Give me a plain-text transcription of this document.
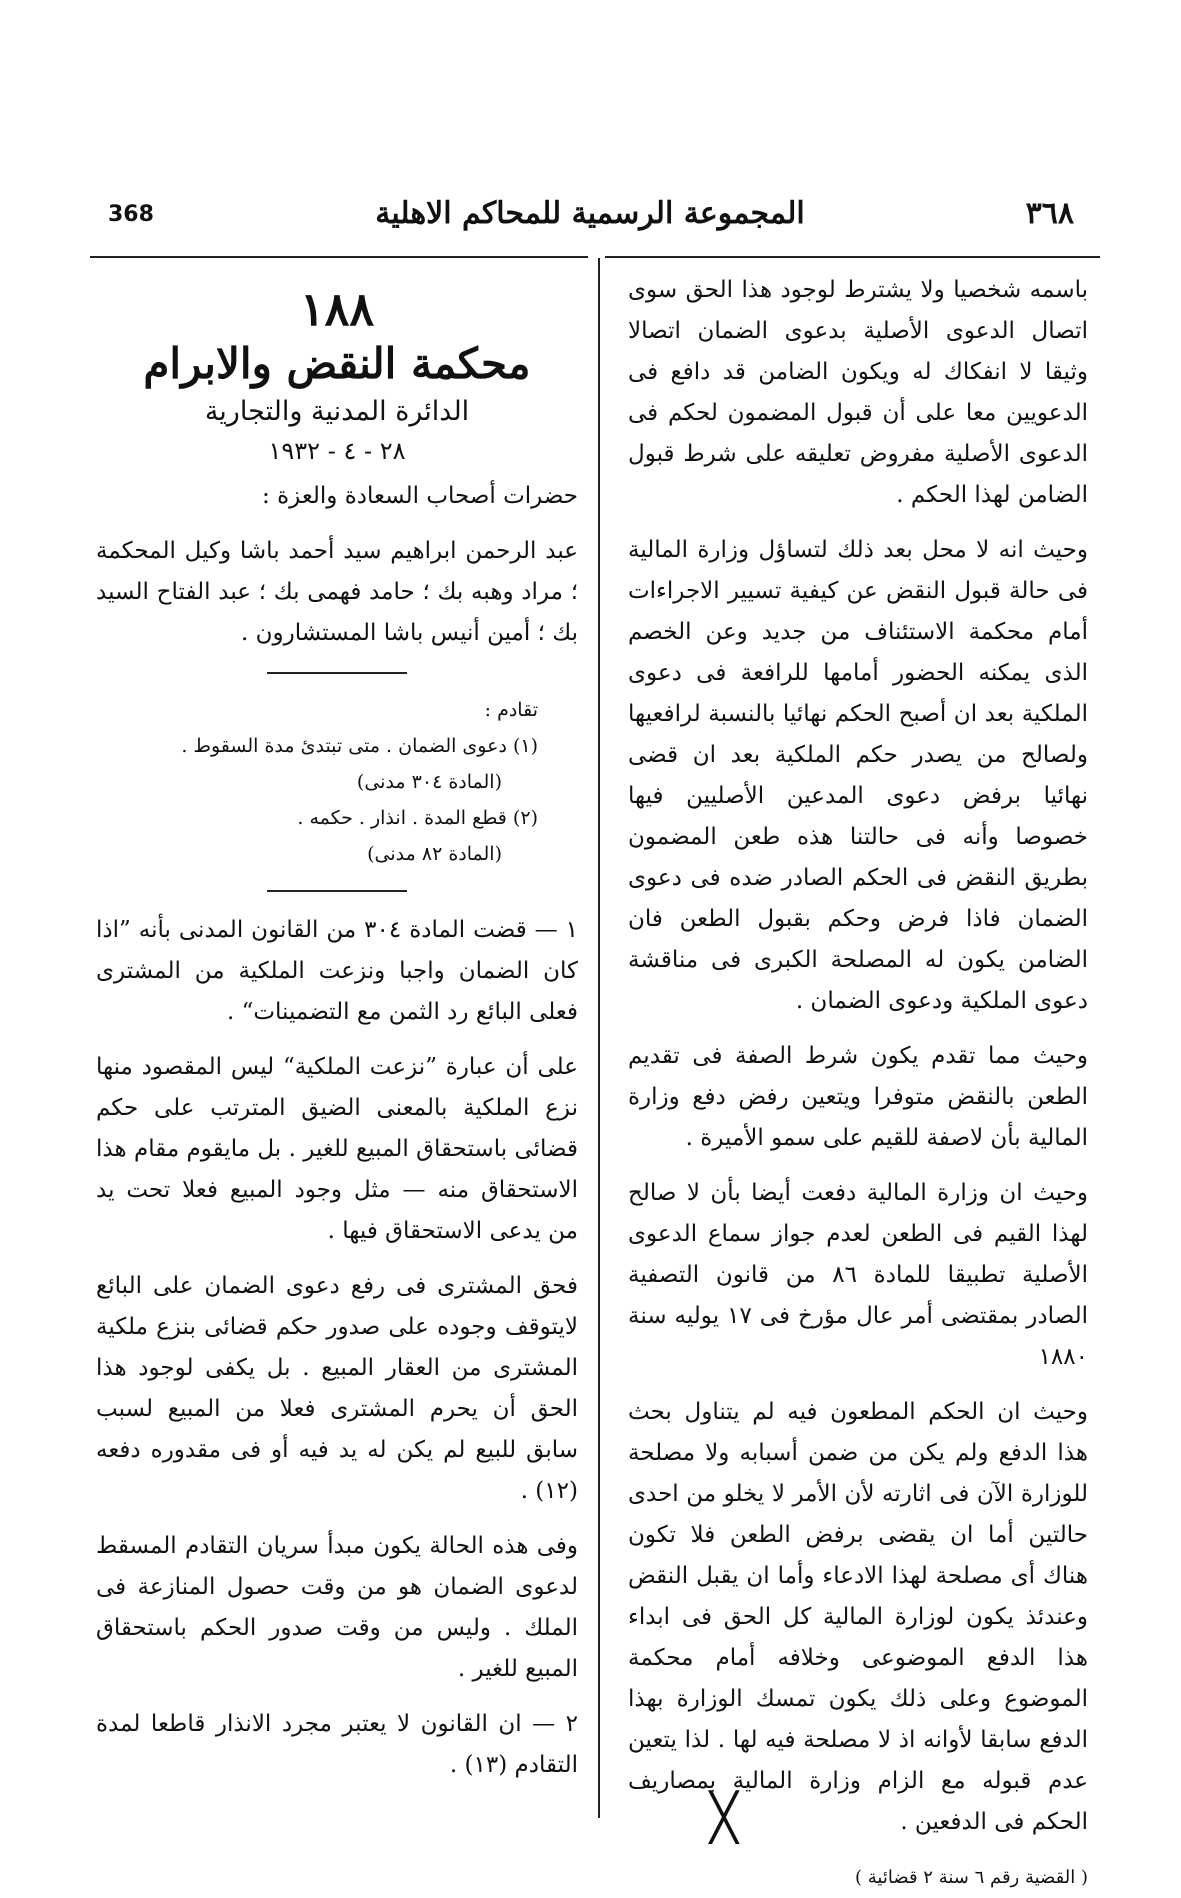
368	المجموعة الرسمية للمحاكم الاهلية	٣٦٨

باسمه شخصيا ولا يشترط لوجود هذا الحق سوى اتصال الدعوى الأصلية بدعوى الضمان اتصالا وثيقا لا انفكاك له ويكون الضامن قد دافع فى الدعويين معا على أن قبول المضمون لحكم فى الدعوى الأصلية مفروض تعليقه على شرط قبول الضامن لهذا الحكم .

وحيث انه لا محل بعد ذلك لتساؤل وزارة المالية فى حالة قبول النقض عن كيفية تسيير الاجراءات أمام محكمة الاستئناف من جديد وعن الخصم الذى يمكنه الحضور أمامها للرافعة فى دعوى الملكية بعد ان أصبح الحكم نهائيا بالنسبة لرافعيها ولصالح من يصدر حكم الملكية بعد ان قضى نهائيا برفض دعوى المدعين الأصليين فيها خصوصا وأنه فى حالتنا هذه طعن المضمون بطريق النقض فى الحكم الصادر ضده فى دعوى الضمان فاذا فرض وحكم بقبول الطعن فان الضامن يكون له المصلحة الكبرى فى مناقشة دعوى الملكية ودعوى الضمان .

وحيث مما تقدم يكون شرط الصفة فى تقديم الطعن بالنقض متوفرا ويتعين رفض دفع وزارة المالية بأن لاصفة للقيم على سمو الأميرة .

وحيث ان وزارة المالية دفعت أيضا بأن لا صالح لهذا القيم فى الطعن لعدم جواز سماع الدعوى الأصلية تطبيقا للمادة ٨٦ من قانون التصفية الصادر بمقتضى أمر عال مؤرخ فى ١٧ يوليه سنة ١٨٨٠

وحيث ان الحكم المطعون فيه لم يتناول بحث هذا الدفع ولم يكن من ضمن أسبابه ولا مصلحة للوزارة الآن فى اثارته لأن الأمر لا يخلو من احدى حالتين أما ان يقضى برفض الطعن فلا تكون هناك أى مصلحة لهذا الادعاء وأما ان يقبل النقض وعندئذ يكون لوزارة المالية كل الحق فى ابداء هذا الدفع الموضوعى وخلافه أمام محكمة الموضوع وعلى ذلك يكون تمسك الوزارة بهذا الدفع سابقا لأوانه اذ لا مصلحة فيه لها . لذا يتعين عدم قبوله مع الزام وزارة المالية بمصاريف الحكم فى الدفعين .

( القضية رقم ٦ سنة ٢ قضائية )
١٨٨
محكمة النقض والابرام
الدائرة المدنية والتجارية
٢٨ - ٤ - ١٩٣٢

حضرات أصحاب السعادة والعزة :

عبد الرحمن ابراهيم سيد أحمد باشا وكيل المحكمة ؛ مراد وهبه بك ؛ حامد فهمى بك ؛ عبد الفتاح السيد بك ؛ أمين أنيس باشا المستشارون .

تقادم :
(١) دعوى الضمان . متى تبتدئ مدة السقوط .
(المادة ٣٠٤ مدنى)
(٢) قطع المدة . انذار . حكمه .
(المادة ٨٢ مدنى)

١ — قضت المادة ٣٠٤ من القانون المدنى بأنه ”اذا كان الضمان واجبا ونزعت الملكية من المشترى فعلى البائع رد الثمن مع التضمينات“ .

على أن عبارة ”نزعت الملكية“ ليس المقصود منها نزع الملكية بالمعنى الضيق المترتب على حكم قضائى باستحقاق المبيع للغير . بل مايقوم مقام هذا الاستحقاق منه — مثل وجود المبيع فعلا تحت يد من يدعى الاستحقاق فيها .

فحق المشترى فى رفع دعوى الضمان على البائع لايتوقف وجوده على صدور حكم قضائى بنزع ملكية المشترى من العقار المبيع . بل يكفى لوجود هذا الحق أن يحرم المشترى فعلا من المبيع لسبب سابق للبيع لم يكن له يد فيه أو فى مقدوره دفعه (١٢) .

وفى هذه الحالة يكون مبدأ سريان التقادم المسقط لدعوى الضمان هو من وقت حصول المنازعة فى الملك . وليس من وقت صدور الحكم باستحقاق المبيع للغير .

٢ — ان القانون لا يعتبر مجرد الانذار قاطعا لمدة التقادم (١٣) .

╳
